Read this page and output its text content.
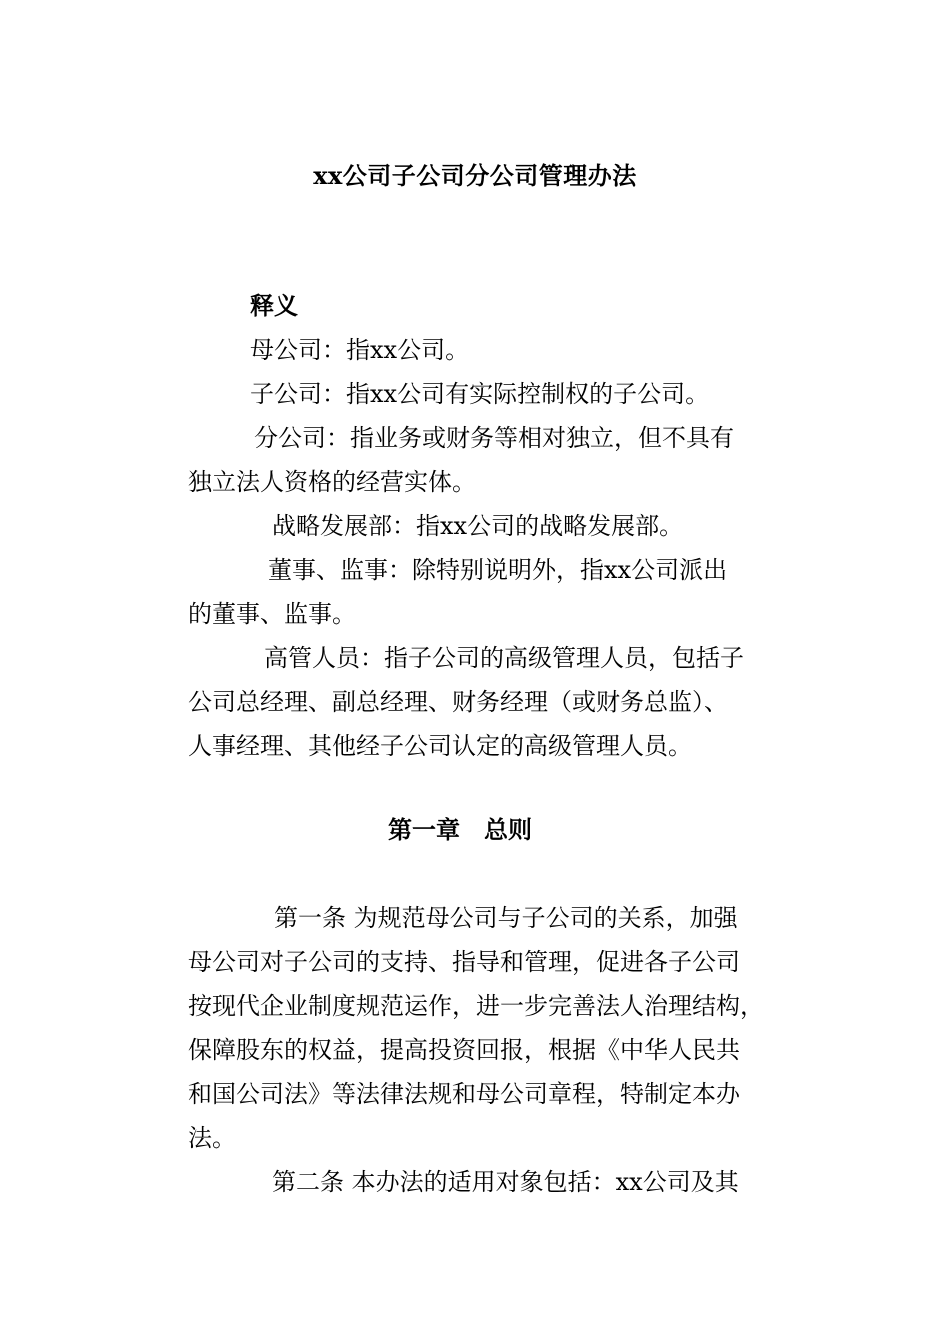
xx公司子公司分公司管理办法
释义
母公司：指xx公司。
子公司：指xx公司有实际控制权的子公司。
分公司：指业务或财务等相对独立，但不具有
独立法人资格的经营实体。
战略发展部：指xx公司的战略发展部。
董事、监事：除特别说明外，指xx公司派出
的董事、监事。
高管人员：指子公司的高级管理人员，包括子
公司总经理、副总经理、财务经理（或财务总监）、
人事经理、其他经子公司认定的高级管理人员。
第一章　总则
第一条 为规范母公司与子公司的关系，加强
母公司对子公司的支持、指导和管理，促进各子公司
按现代企业制度规范运作，进一步完善法人治理结构，
保障股东的权益，提高投资回报，根据《中华人民共
和国公司法》等法律法规和母公司章程，特制定本办
法。
第二条 本办法的适用对象包括：xx公司及其
